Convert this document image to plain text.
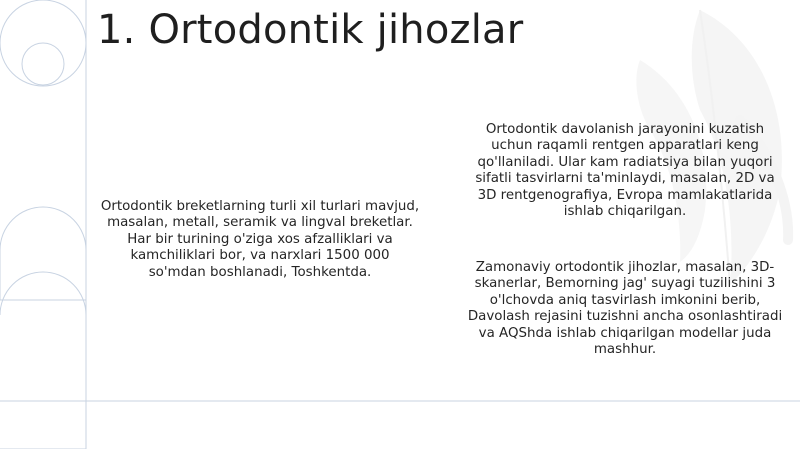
1. Ortodontik jihozlar
Ortodontik breketlarning turli xil turlari mavjud, masalan, metall, seramik va lingval breketlar. Har bir turining o'ziga xos afzalliklari va kamchiliklari bor, va narxlari 1500 000 so'mdan boshlanadi, Toshkentda.
Ortodontik davolanish jarayonini kuzatish uchun raqamli rentgen apparatlari keng qo'llaniladi. Ular kam radiatsiya bilan yuqori sifatli tasvirlarni ta'minlaydi, masalan, 2D va 3D rentgenografiya, Evropa mamlakatlarida ishlab chiqarilgan.
Zamonaviy ortodontik jihozlar, masalan, 3D-skanerlar, Bemorning jag' suyagi tuzilishini 3 o'lchovda aniq tasvirlash imkonini berib, Davolash rejasini tuzishni ancha osonlashtiradi va AQShda ishlab chiqarilgan modellar juda mashhur.
